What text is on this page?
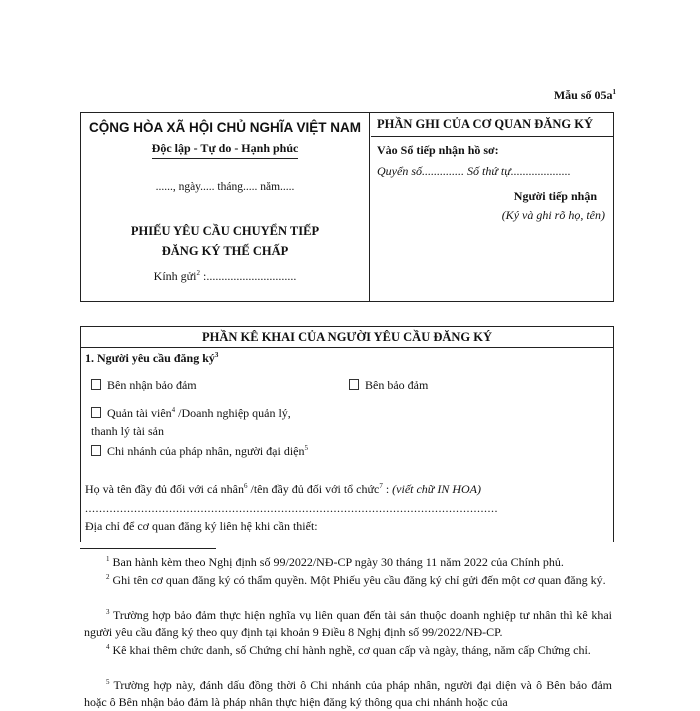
Mẫu số $05a^1$
CỘNG HÒA XÃ HỘI CHỦ NGHĨA VIỆT NAM
Độc lập - Tự do - Hạnh phúc
......, ngày..... tháng..... năm.....
PHIẾU YÊU CẦU CHUYỂN TIẾP
ĐĂNG KÝ THẾ CHẤP
Kính gửi$^2$ :..............................
PHẦN GHI CỦA CƠ QUAN ĐĂNG KÝ
Vào Sổ tiếp nhận hồ sơ:
Quyển số.............. Số thứ tự....................
Người tiếp nhận
(Ký và ghi rõ họ, tên)
PHẦN KÊ KHAI CỦA NGƯỜI YÊU CẦU ĐĂNG KÝ
1. Người yêu cầu đăng $ký^3$
Bên nhận bảo đảm	Bên bảo đảm
Quản tài viên$^4$ /Doanh nghiệp quản lý,
thanh lý tài sản
Chi nhánh của pháp nhân, người đại diện$^5$
Họ và tên đầy đủ đối với cá nhân$^6$ /tên đầy đủ đối với tổ chức$^7$ : (viết chữ IN HOA)
......................................................................................................................
Địa chỉ để cơ quan đăng ký liên hệ khi cần thiết:
$^1$ Ban hành kèm theo Nghị định số 99/2022/NĐ-CP ngày 30 tháng 11 năm 2022 của Chính phủ.
$^2$ Ghi tên cơ quan đăng ký có thẩm quyền. Một Phiếu yêu cầu đăng ký chỉ gửi đến một cơ quan đăng ký.
$^3$ Trường hợp bảo đảm thực hiện nghĩa vụ liên quan đến tài sản thuộc doanh nghiệp tư nhân thì kê khai người yêu cầu đăng ký theo quy định tại khoản 9 Điều 8 Nghị định số 99/2022/NĐ-CP.
$^4$ Kê khai thêm chức danh, số Chứng chỉ hành nghề, cơ quan cấp và ngày, tháng, năm cấp Chứng chỉ.
$^5$ Trường hợp này, đánh dấu đồng thời ô Chi nhánh của pháp nhân, người đại diện và ô Bên bảo đảm hoặc ô Bên nhận bảo đảm là pháp nhân thực hiện đăng ký thông qua chi nhánh hoặc của
